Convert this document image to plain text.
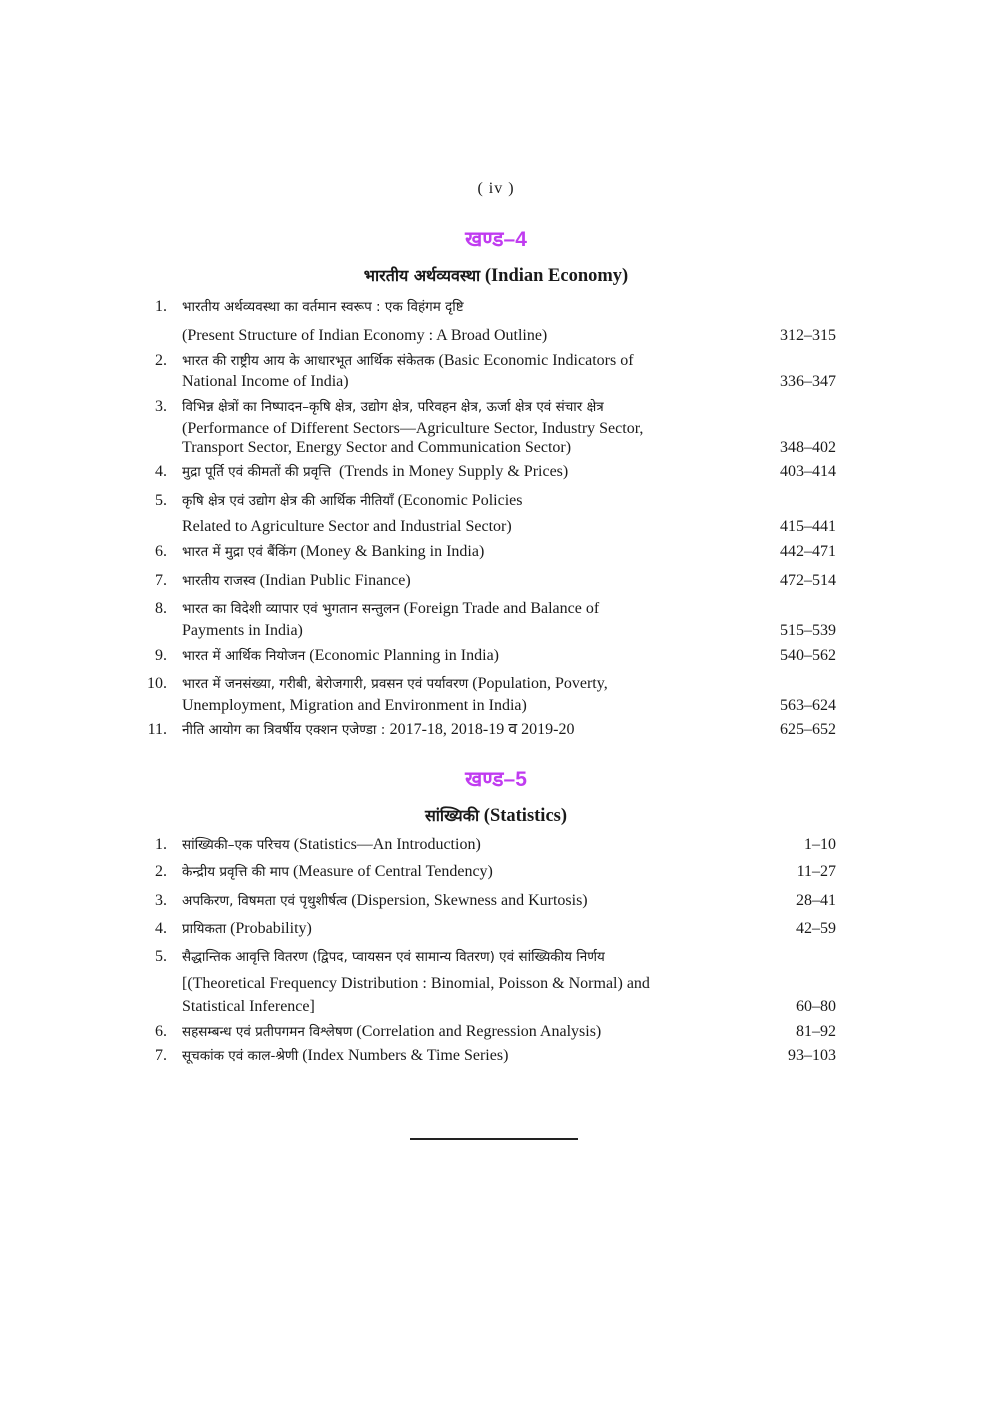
( iv )
खण्ड–4
भारतीय अर्थव्यवस्था (Indian Economy)
1. भारतीय अर्थव्यवस्था का वर्तमान स्वरूप : एक विहंगम दृष्टि
(Present Structure of Indian Economy : A Broad Outline)	312–315
2. भारत की राष्ट्रीय आय के आधारभूत आर्थिक संकेतक (Basic Economic Indicators of
National Income of India)	336–347
3. विभिन्न क्षेत्रों का निष्पादन–कृषि क्षेत्र, उद्योग क्षेत्र, परिवहन क्षेत्र, ऊर्जा क्षेत्र एवं संचार क्षेत्र
(Performance of Different Sectors—Agriculture Sector, Industry Sector,
Transport Sector, Energy Sector and Communication Sector)	348–402
4. मुद्रा पूर्ति एवं कीमतों की प्रवृत्ति  (Trends in Money Supply & Prices)	403–414
5. कृषि क्षेत्र एवं उद्योग क्षेत्र की आर्थिक नीतियाँ (Economic Policies
Related to Agriculture Sector and Industrial Sector)	415–441
6. भारत में मुद्रा एवं बैंकिंग (Money & Banking in India)	442–471
7. भारतीय राजस्व (Indian Public Finance)	472–514
8. भारत का विदेशी व्यापार एवं भुगतान सन्तुलन (Foreign Trade and Balance of
Payments in India)	515–539
9. भारत में आर्थिक नियोजन (Economic Planning in India)	540–562
10. भारत में जनसंख्या, गरीबी, बेरोजगारी, प्रवसन एवं पर्यावरण (Population, Poverty,
Unemployment, Migration and Environment in India)	563–624
11. नीति आयोग का त्रिवर्षीय एक्शन एजेण्डा : 2017-18, 2018-19 व 2019-20	625–652
खण्ड–5
सांख्यिकी (Statistics)
1. सांख्यिकी–एक परिचय (Statistics—An Introduction)	1–10
2. केन्द्रीय प्रवृत्ति की माप (Measure of Central Tendency)	11–27
3. अपकिरण, विषमता एवं पृथुशीर्षत्व (Dispersion, Skewness and Kurtosis)	28–41
4. प्रायिकता (Probability)	42–59
5. सैद्धान्तिक आवृत्ति वितरण (द्विपद, प्वायसन एवं सामान्य वितरण) एवं सांख्यिकीय निर्णय
[(Theoretical Frequency Distribution : Binomial, Poisson & Normal) and
Statistical Inference]	60–80
6. सहसम्बन्ध एवं प्रतीपगमन विश्लेषण (Correlation and Regression Analysis)	81–92
7. सूचकांक एवं काल-श्रेणी (Index Numbers & Time Series)	93–103
